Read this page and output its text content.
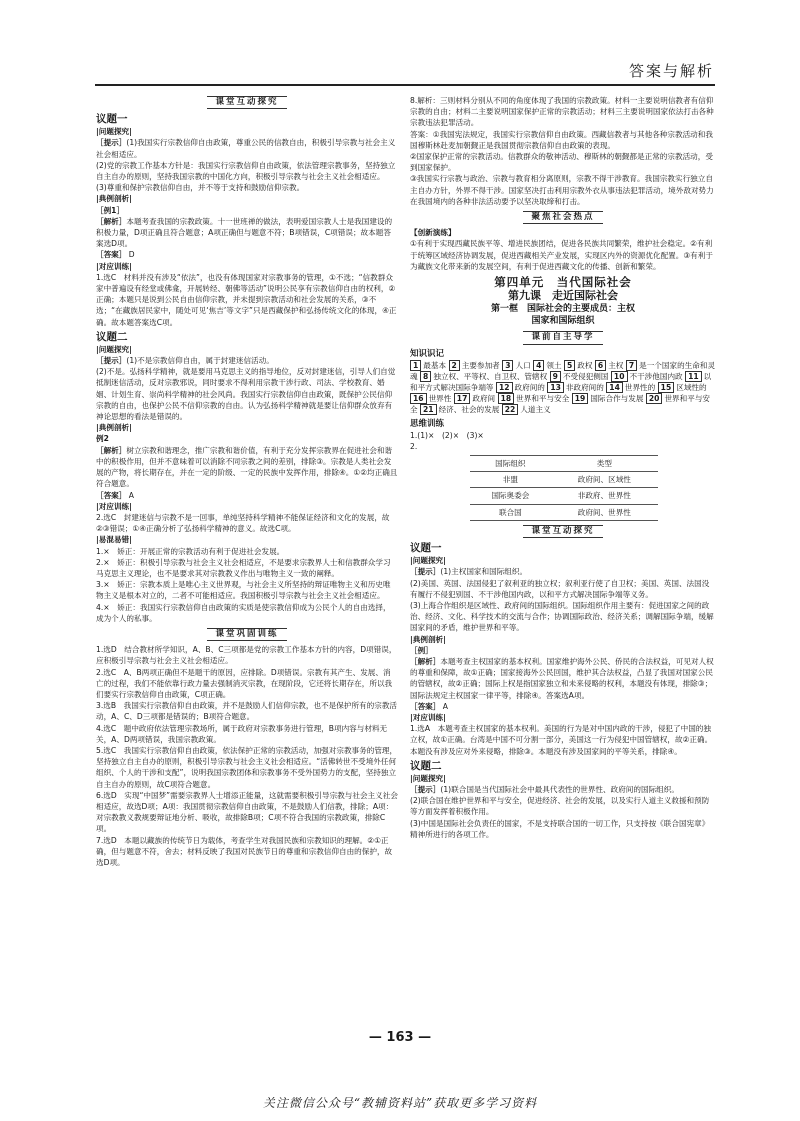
答案与解析
课堂互动探究
议题一
|问题探究|

［提示］(1)我国实行宗教信仰自由政策，尊重公民的信教自由，积极引导宗教与社会主义社会相适应。

(2)党的宗教工作基本方针是：我国实行宗教信仰自由政策，依法管理宗教事务，坚持独立自主自办的原则，坚持我国宗教的中国化方向，积极引导宗教与社会主义社会相适应。

(3)尊重和保护宗教信仰自由，并不等于支持和鼓励信仰宗教。

|典例剖析|
［例1］

［解析］本题考查我国的宗教政策。十一世班禅的做法，表明爱国宗教人士是我国建设的积极力量，D项正确且符合题意；A项正确但与题意不符；B项错误，C项错误；故本题答案选D项。

［答案］ D

|对应训练|

1.选C　材料并没有涉及“依法”，也没有体现国家对宗教事务的管理，①不选；“信教群众家中普遍设有经堂或佛龛，开展转经、朝佛等活动”说明公民享有宗教信仰自由的权利，②正确；本题只是说到公民自由信仰宗教，并未提到宗教活动和社会发展的关系，③不选；“在藏族居民家中，随处可见‘焦吉’等文字”只是西藏保护和弘扬传统文化的体现，④正确。故本题答案选C项。

议题二
|问题探究|

［提示］(1)不是宗教信仰自由，属于封建迷信活动。

(2)不是。弘扬科学精神，就是要用马克思主义的指导地位，反对封建迷信，引导人们自觉抵制迷信活动，反对宗教邪说，同时要求不得利用宗教干涉行政、司法、学校教育、婚姻、计划生育、崇尚科学精神的社会风尚。我国实行宗教信仰自由政策，既保护公民信仰宗教的自由，也保护公民不信仰宗教的自由。认为弘扬科学精神就是要让信仰群众放弃有神论思想的看法是错误的。

|典例剖析|
例2

［解析］树立宗教和谐理念，推广宗教和谐价值，有利于充分发挥宗教界在促进社会和谐中的积极作用，但并不意味着可以消除不同宗教之间的差别，排除③。宗教是人类社会发展的产物，将长期存在，并在一定的阶级、一定的民族中发挥作用，排除④。①②均正确且符合题意。

［答案］ A

|对应训练|

2.选C　封建迷信与宗教不是一回事，单纯坚持科学精神不能保证经济和文化的发展，故②③错误；①④正确分析了弘扬科学精神的意义。故选C项。

|易混易错|

1.×　矫正：开展正常的宗教活动有利于促进社会发展。

2.×　矫正：积极引导宗教与社会主义社会相适应，不是要求宗教界人士和信教群众学习马克思主义理论，也不是要求其对宗教教义作出与唯物主义一致的阐释。

3.×　矫正：宗教本质上是唯心主义世界观，与社会主义所坚持的辩证唯物主义和历史唯物主义是根本对立的，二者不可能相适应。我国积极引导宗教与社会主义社会相适应。

4.×　矫正：我国实行宗教信仰自由政策的实质是使宗教信仰成为公民个人的自由选择，成为个人的私事。

课堂巩固训练

1.选D　结合教材所学知识，A、B、C三项都是党的宗教工作基本方针的内容，D项错误，应积极引导宗教与社会主义社会相适应。

2.选C　A、B两项正确但不是题干的原因，应排除。D项错误。宗教有其产生、发展、消亡的过程，我们不能依靠行政力量去强制消灭宗教，在现阶段，它还将长期存在，所以我们要实行宗教信仰自由政策，C项正确。

3.选B　我国实行宗教信仰自由政策，并不是鼓励人们信仰宗教，也不是保护所有的宗教活动，A、C、D三项都是错误的；B项符合题意。

4.选C　题中政府依法管理宗教场所，属于政府对宗教事务进行管理，B项内容与材料无关，A、D两项错误，我国宗教政策。

5.选C　我国实行宗教信仰自由政策，依法保护正常的宗教活动，加强对宗教事务的管理，坚持独立自主自办的原则，积极引导宗教与社会主义社会相适应。“活佛转世不受境外任何组织、个人的干涉和支配”，说明我国宗教团体和宗教事务不受外国势力的支配，坚持独立自主自办的原则，故C项符合题意。

6.选D　实现“中国梦”需要宗教界人士增添正能量，这就需要积极引导宗教与社会主义社会相适应，故选D项；A项：我国贯彻宗教信仰自由政策，不是鼓励人们信教，排除；A项：对宗教教义教规要辩证地分析、吸收，故排除B项；C项不符合我国的宗教政策，排除C项。

7.选D　本题以藏族的传统节日为载体，考查学生对我国民族和宗教知识的理解。②①正确，但与题意不符，舍去；材料反映了我国对民族节日的尊重和宗教信仰自由的保护，故选D项。

8.解析：三则材料分别从不同的角度体现了我国的宗教政策。材料一主要说明信教者有信仰宗教的自由；材料二主要说明国家保护正常的宗教活动；材料三主要说明国家依法打击各种宗教违法犯罪活动。

答案：①我国宪法规定，我国实行宗教信仰自由政策。西藏信教者与其他各种宗教活动和我国穆斯林赴麦加朝觐正是我国贯彻宗教信仰自由政策的表现。

②国家保护正常的宗教活动。信教群众的敬神活动、穆斯林的朝觐都是正常的宗教活动，受到国家保护。

③我国实行宗教与政治、宗教与教育相分离原则，宗教不得干涉教育。我国宗教实行独立自主自办方针，外界不得干涉。国家坚决打击利用宗教外衣从事违法犯罪活动，境外敌对势力在我国境内的各种非法活动要予以坚决取缔和打击。

聚焦社会热点
【创新演练】

①有利于实现西藏民族平等、增进民族团结，促进各民族共同繁荣，维护社会稳定。②有利于统筹区域经济协调发展，促进西藏相关产业发展，实现区内外的资源优化配置。③有利于为藏族文化带来新的发展空间，有利于促进西藏文化的传播、创新和繁荣。

第四单元　当代国际社会
第九课　走近国际社会
第一框　国际社会的主要成员：主权
国家和国际组织
课前自主导学
知识识记
1 最基本 2 主要参加者 3 人口 4 领土 5 政权 6 主权 7 是一个国家的生命和灵魂 8 独立权、平等权、自卫权、管辖权 9 不受侵犯侧国 10 不干涉他国内政 11 以和平方式解决国际争端等 12 政府间的 13 非政府间的 14 世界性的 15 区域性的 16 世界性 17 政府间 18 世界和平与安全 19 国际合作与发展 20 世界和平与安全 21 经济、社会的发展 22 人道主义
思维训练

1.(1)×　(2)×　(3)×

2.

国际组织	类型
非盟	政府间、区域性
国际奥委会	非政府、世界性
联合国	政府间、世界性
课堂互动探究
议题一
|问题探究|

［提示］(1)主权国家和国际组织。

(2)美国、英国、法国侵犯了叙利亚的独立权；叙利亚行使了自卫权；美国、英国、法国没有履行不侵犯别国、不干涉他国内政，以和平方式解决国际争端等义务。

(3)上海合作组织是区域性、政府间的国际组织。国际组织作用主要有：促进国家之间的政治、经济、文化、科学技术的交流与合作；协调国际政治、经济关系；调解国际争端，缓解国家间的矛盾，维护世界和平等。

|典例剖析|
［例］

［解析］本题考查主权国家的基本权利。国家维护海外公民、侨民的合法权益，可见对人权的尊重和保障，故①正确；国家接海外公民回国，维护其合法权益，凸显了我国对国家公民的管辖权，故②正确；国际上权是指国家独立和未来侵略的权利，本题没有体现，排除③；国际法规定主权国家一律平等，排除④。答案选A项。

［答案］ A

|对应训练|

1.选A　本题考查主权国家的基本权利。美国的行为是对中国内政的干涉，侵犯了中国的独立权，故①正确。台湾是中国不可分割一部分，美国这一行为侵犯中国管辖权，故②正确。本题没有涉及应对外来侵略，排除③。本题没有涉及国家间的平等关系，排除④。

议题二
|问题探究|

［提示］(1)联合国是当代国际社会中最具代表性的世界性、政府间的国际组织。

(2)联合国在维护世界和平与安全，促进经济、社会的发展，以及实行人道主义救援和预防等方面发挥着积极作用。

(3)中国是国际社会负责任的国家，不是支持联合国的一切工作，只支持按《联合国宪章》精神所进行的各项工作。

— 163 —
关注微信公众号“教辅资料站”获取更多学习资料
